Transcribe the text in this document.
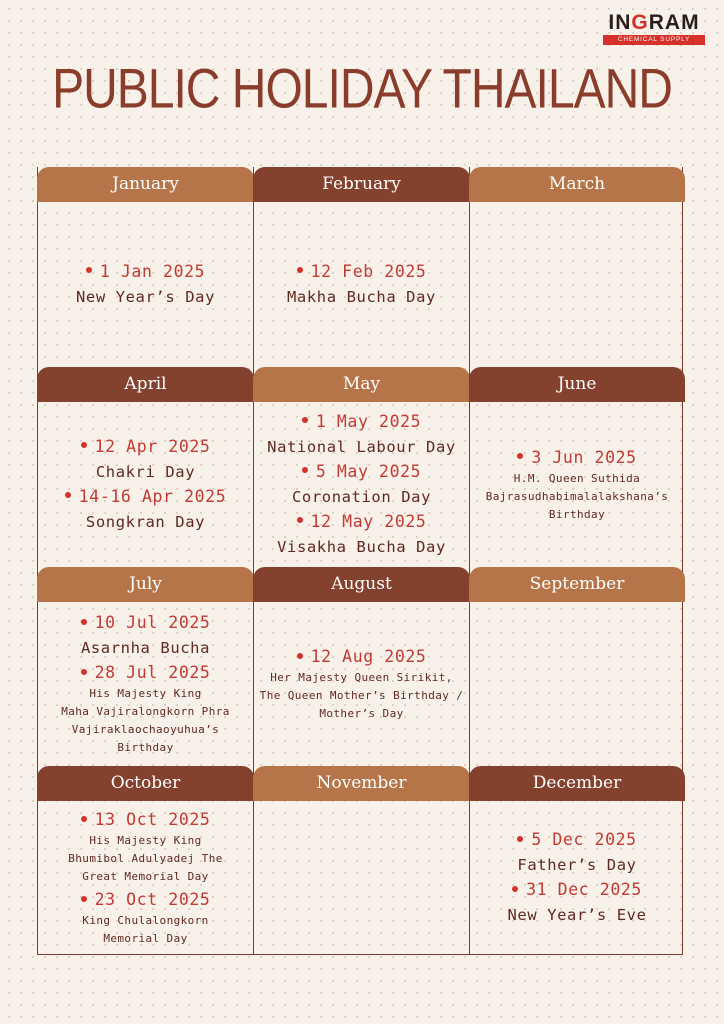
INGRAM
CHEMICAL SUPPLY
PUBLIC HOLIDAY THAILAND
January
1 Jan 2025
New Year’s Day
February
12 Feb 2025
Makha Bucha Day
March
April
12 Apr 2025
Chakri Day
14-16 Apr 2025
Songkran Day
May
1 May 2025
National Labour Day
5 May 2025
Coronation Day
12 May 2025
Visakha Bucha Day
June
3 Jun 2025
H.M. Queen Suthida
Bajrasudhabimalalakshana’s
Birthday
July
10 Jul 2025
Asarnha Bucha
28 Jul 2025
His Majesty King
Maha Vajiralongkorn Phra
Vajiraklaochaoyuhua’s Birthday
August
12 Aug 2025
Her Majesty Queen Sirikit,
The Queen Mother’s Birthday /
Mother’s Day
September
October
13 Oct 2025
His Majesty King
Bhumibol Adulyadej The
Great Memorial Day
23 Oct 2025
King Chulalongkorn
Memorial Day
November	December
5 Dec 2025
Father’s Day
31 Dec 2025
New Year’s Eve
